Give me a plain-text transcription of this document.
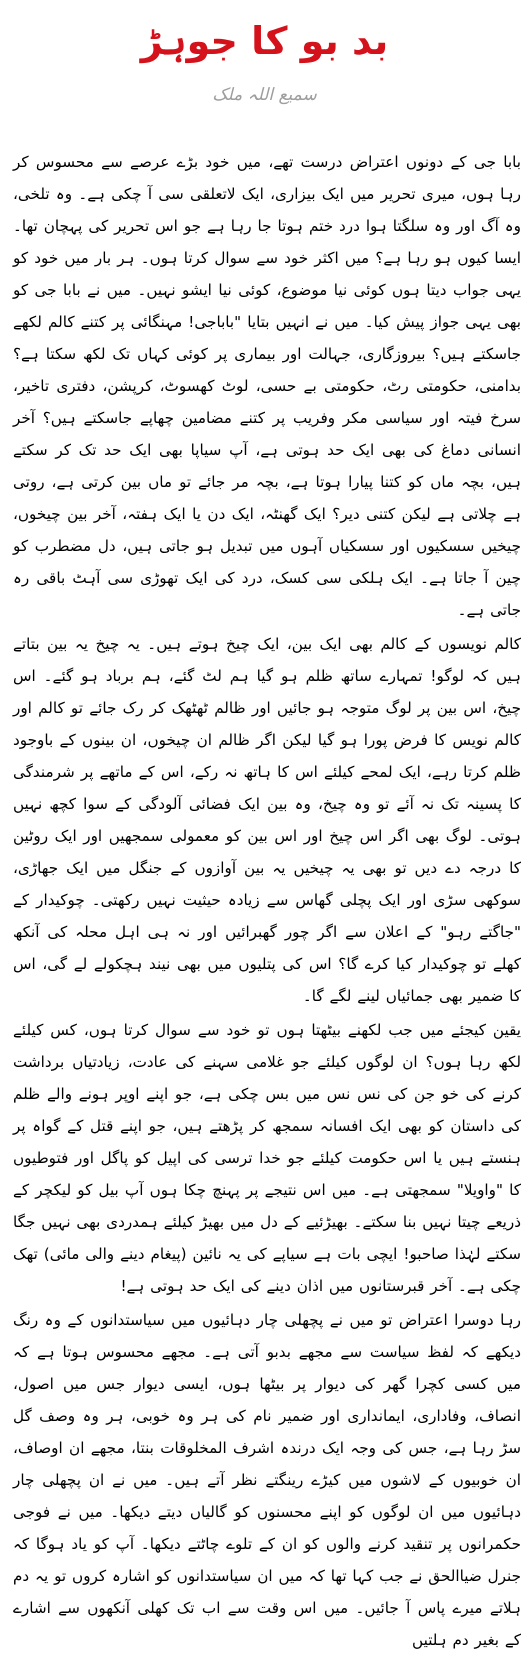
بد بو کا جوہڑ
سمیع اللہ ملک

بابا جی کے دونوں اعتراض درست تھے، میں خود بڑے عرصے سے محسوس کر رہا ہوں، میری تحریر میں ایک بیزاری، ایک لاتعلقی سی آ چکی ہے۔ وہ تلخی، وہ آگ اور وہ سلگتا ہوا درد ختم ہوتا جا رہا ہے جو اس تحریر کی پہچان تھا۔ ایسا کیوں ہو رہا ہے؟ میں اکثر خود سے سوال کرتا ہوں۔ ہر بار میں خود کو یہی جواب دیتا ہوں کوئی نیا موضوع، کوئی نیا ایشو نہیں۔ میں نے بابا جی کو بھی یہی جواز پیش کیا۔ میں نے انہیں بتایا "باباجی! مہنگائی پر کتنے کالم لکھے جاسکتے ہیں؟ بیروزگاری، جہالت اور بیماری پر کوئی کہاں تک لکھ سکتا ہے؟ بدامنی، حکومتی رٹ، حکومتی بے حسی، لوٹ کھسوٹ، کرپشن، دفتری تاخیر، سرخ فیتہ اور سیاسی مکر وفریب پر کتنے مضامین چھاپے جاسکتے ہیں؟ آخر انسانی دماغ کی بھی ایک حد ہوتی ہے، آپ سیاپا بھی ایک حد تک کر سکتے ہیں، بچہ ماں کو کتنا پیارا ہوتا ہے، بچہ مر جائے تو ماں بین کرتی ہے، روتی ہے چلاتی ہے لیکن کتنی دیر؟ ایک گھنٹہ، ایک دن یا ایک ہفتہ، آخر بین چیخوں، چیخیں سسکیوں اور سسکیاں آہوں میں تبدیل ہو جاتی ہیں، دل مضطرب کو چین آ جاتا ہے۔ ایک ہلکی سی کسک، درد کی ایک تھوڑی سی آہٹ باقی رہ جاتی ہے۔

کالم نویسوں کے کالم بھی ایک بین، ایک چیخ ہوتے ہیں۔ یہ چیخ یہ بین بتاتے ہیں کہ لوگو! تمہارے ساتھ ظلم ہو گیا ہم لٹ گئے، ہم برباد ہو گئے۔ اس چیخ، اس بین پر لوگ متوجہ ہو جائیں اور ظالم ٹھٹھک کر رک جائے تو کالم اور کالم نویس کا فرض پورا ہو گیا لیکن اگر ظالم ان چیخوں، ان بینوں کے باوجود ظلم کرتا رہے، ایک لمحے کیلئے اس کا ہاتھ نہ رکے، اس کے ماتھے پر شرمندگی کا پسینہ تک نہ آئے تو وہ چیخ، وہ بین ایک فضائی آلودگی کے سوا کچھ نہیں ہوتی۔ لوگ بھی اگر اس چیخ اور اس بین کو معمولی سمجھیں اور ایک روٹین کا درجہ دے دیں تو بھی یہ چیخیں یہ بین آوازوں کے جنگل میں ایک جھاڑی، سوکھی سڑی اور ایک پچلی گھاس سے زیادہ حیثیت نہیں رکھتی۔ چوکیدار کے "جاگتے رہو" کے اعلان سے اگر چور گھبرائیں اور نہ ہی اہل محلہ کی آنکھ کھلے تو چوکیدار کیا کرے گا؟ اس کی پتلیوں میں بھی نیند ہچکولے لے گی، اس کا ضمیر بھی جمائیاں لینے لگے گا۔

یقین کیجئے میں جب لکھنے بیٹھتا ہوں تو خود سے سوال کرتا ہوں، کس کیلئے لکھ رہا ہوں؟ ان لوگوں کیلئے جو غلامی سہنے کی عادت، زیادتیاں برداشت کرنے کی خو جن کی نس نس میں بس چکی ہے، جو اپنے اوپر ہونے والے ظلم کی داستان کو بھی ایک افسانہ سمجھ کر پڑھتے ہیں، جو اپنے قتل کے گواہ پر ہنستے ہیں یا اس حکومت کیلئے جو خدا ترسی کی اپیل کو پاگل اور فتوطیوں کا "واویلا" سمجھتی ہے۔ میں اس نتیجے پر پہنچ چکا ہوں آپ بیل کو لیکچر کے ذریعے چیتا نہیں بنا سکتے۔ بھیڑئیے کے دل میں بھیڑ کیلئے ہمدردی بھی نہیں جگا سکتے لہٰذا صاحبو! ایچی بات ہے سیاپے کی یہ نائین (پیغام دینے والی مائی) تھک چکی ہے۔ آخر قبرستانوں میں اذان دینے کی ایک حد ہوتی ہے!

رہا دوسرا اعتراض تو میں نے پچھلی چار دہائیوں میں سیاستدانوں کے وہ رنگ دیکھے کہ لفظ سیاست سے مجھے بدبو آتی ہے۔ مجھے محسوس ہوتا ہے کہ میں کسی کچرا گھر کی دیوار پر بیٹھا ہوں، ایسی دیوار جس میں اصول، انصاف، وفاداری، ایمانداری اور ضمیر نام کی ہر وہ خوبی، ہر وہ وصف گل سڑ رہا ہے، جس کی وجہ ایک درندہ اشرف المخلوقات بنتا، مجھے ان اوصاف، ان خوبیوں کے لاشوں میں کیڑے رینگتے نظر آتے ہیں۔ میں نے ان پچھلی چار دہائیوں میں ان لوگوں کو اپنے محسنوں کو گالیاں دیتے دیکھا۔ میں نے فوجی حکمرانوں پر تنقید کرنے والوں کو ان کے تلوے چاٹتے دیکھا۔ آپ کو یاد ہوگا کہ جنرل ضیاالحق نے جب کہا تھا کہ میں ان سیاستدانوں کو اشارہ کروں تو یہ دم ہلاتے میرے پاس آ جائیں۔ میں اس وقت سے اب تک کھلی آنکھوں سے اشارے کے بغیر دم ہلتیں
